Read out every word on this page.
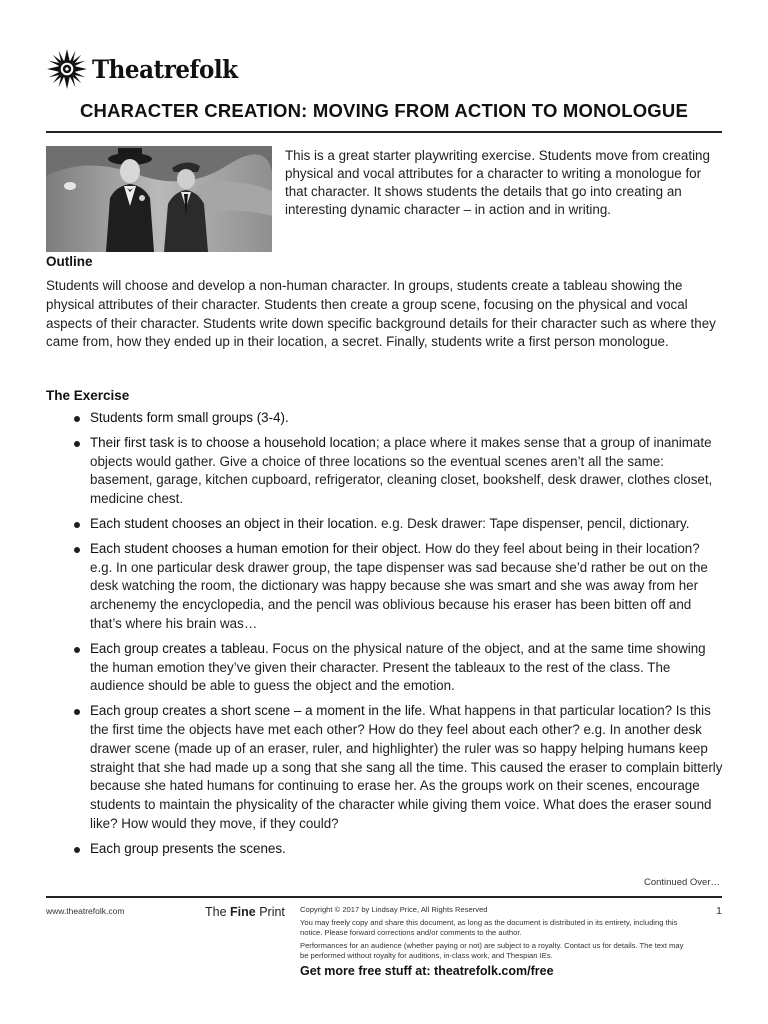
Theatrefolk
CHARACTER CREATION: MOVING FROM ACTION TO MONOLOGUE
This is a great starter playwriting exercise. Students move from creating physical and vocal attributes for a character to writing a monologue for that character. It shows students the details that go into creating an interesting dynamic character – in action and in writing.
Outline
Students will choose and develop a non-human character. In groups, students create a tableau showing the physical attributes of their character. Students then create a group scene, focusing on the physical and vocal aspects of their character. Students write down specific background details for their character such as where they came from, how they ended up in their location, a secret. Finally, students write a first person monologue.
The Exercise
Students form small groups (3-4).
Their first task is to choose a household location; a place where it makes sense that a group of inanimate objects would gather. Give a choice of three locations so the eventual scenes aren’t all the same: basement, garage, kitchen cupboard, refrigerator, cleaning closet, bookshelf, desk drawer, clothes closet, medicine chest.
Each student chooses an object in their location. e.g. Desk drawer: Tape dispenser, pencil, dictionary.
Each student chooses a human emotion for their object. How do they feel about being in their location? e.g. In one particular desk drawer group, the tape dispenser was sad because she’d rather be out on the desk watching the room, the dictionary was happy because she was smart and she was away from her archenemy the encyclopedia, and the pencil was oblivious because his eraser has been bitten off and that’s where his brain was…
Each group creates a tableau. Focus on the physical nature of the object, and at the same time showing the human emotion they’ve given their character. Present the tableaux to the rest of the class. The audience should be able to guess the object and the emotion.
Each group creates a short scene – a moment in the life. What happens in that particular location? Is this the first time the objects have met each other? How do they feel about each other? e.g. In another desk drawer scene (made up of an eraser, ruler, and highlighter) the ruler was so happy helping humans keep straight that she had made up a song that she sang all the time. This caused the eraser to complain bitterly because she hated humans for continuing to erase her. As the groups work on their scenes, encourage students to maintain the physicality of the character while giving them voice. What does the eraser sound like? How would they move, if they could?
Each group presents the scenes.
Continued Over…
www.theatrefolk.com	The Fine Print Copyright © 2017 by Lindsay Price, All Rights Reserved

You may freely copy and share this document, as long as the document is distributed in its entirety, including this notice. Please forward corrections and/or comments to the author.

Performances for an audience (whether paying or not) are subject to a royalty. Contact us for details. The text may be performed without royalty for auditions, in-class work, and Thespian IEs.

Get more free stuff at: theatrefolk.com/free
1
